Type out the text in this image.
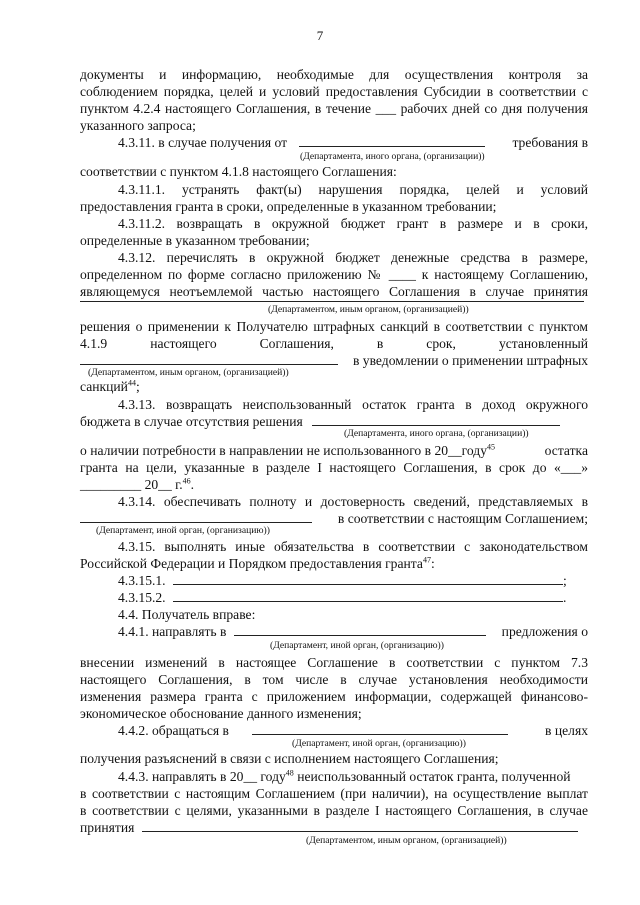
7
документы и информацию, необходимые для осуществления контроля за
соблюдением порядка, целей и условий предоставления Субсидии в соответствии с
пунктом 4.2.4 настоящего Соглашения, в течение ___ рабочих дней со дня получения
указанного запроса;
4.3.11. в случае получения от	требования в
(Департамента, иного органа, (организации))
соответствии с пунктом 4.1.8 настоящего Соглашения:
4.3.11.1. устранять факт(ы) нарушения порядка, целей и условий
предоставления гранта в сроки, определенные в указанном требовании;
4.3.11.2. возвращать в окружной бюджет грант в размере и в сроки,
определенные в указанном требовании;
4.3.12. перечислять в окружной бюджет денежные средства в размере,
определенном по форме согласно приложению № ____ к настоящему Соглашению,
являющемуся неотъемлемой частью настоящего Соглашения в случае принятия
(Департаментом, иным органом, (организацией))
решения о применении к Получателю штрафных санкций в соответствии с пунктом
4.1.9 настоящего Соглашения, в срок, установленный
в уведомлении о применении штрафных
(Департаментом, иным органом, (организацией))
санкций$^{44}$;
4.3.13. возвращать неиспользованный остаток гранта в доход окружного
бюджета в случае отсутствия решения
(Департамента, иного органа, (организации))
о наличии потребности в направлении не использованного в 20__году$^{45}$	остатка
гранта на цели, указанные в разделе I настоящего Соглашения, в срок до «___»
_________ 20__ г.$^{46}$.
4.3.14. обеспечивать полноту и достоверность сведений, представляемых в
в соответствии с настоящим Соглашением;
(Департамент, иной орган, (организацию))
4.3.15. выполнять иные обязательства в соответствии с законодательством
Российской Федерации и Порядком предоставления гранта$^{47}$:
4.3.15.1.	;
4.3.15.2.	.
4.4. Получатель вправе:
4.4.1. направлять в	предложения о
(Департамент, иной орган, (организацию))
внесении изменений в настоящее Соглашение в соответствии с пунктом 7.3
настоящего Соглашения, в том числе в случае установления необходимости
изменения размера гранта с приложением информации, содержащей финансово-
экономическое обоснование данного изменения;
4.4.2. обращаться в	в целях
(Департамент, иной орган, (организацию))
получения разъяснений в связи с исполнением настоящего Соглашения;
4.4.3. направлять в 20__ году$^{48}$ неиспользованный остаток гранта, полученной
в соответствии с настоящим Соглашением (при наличии), на осуществление выплат
в соответствии с целями, указанными в разделе I настоящего Соглашения, в случае
принятия
(Департаментом, иным органом, (организацией))
